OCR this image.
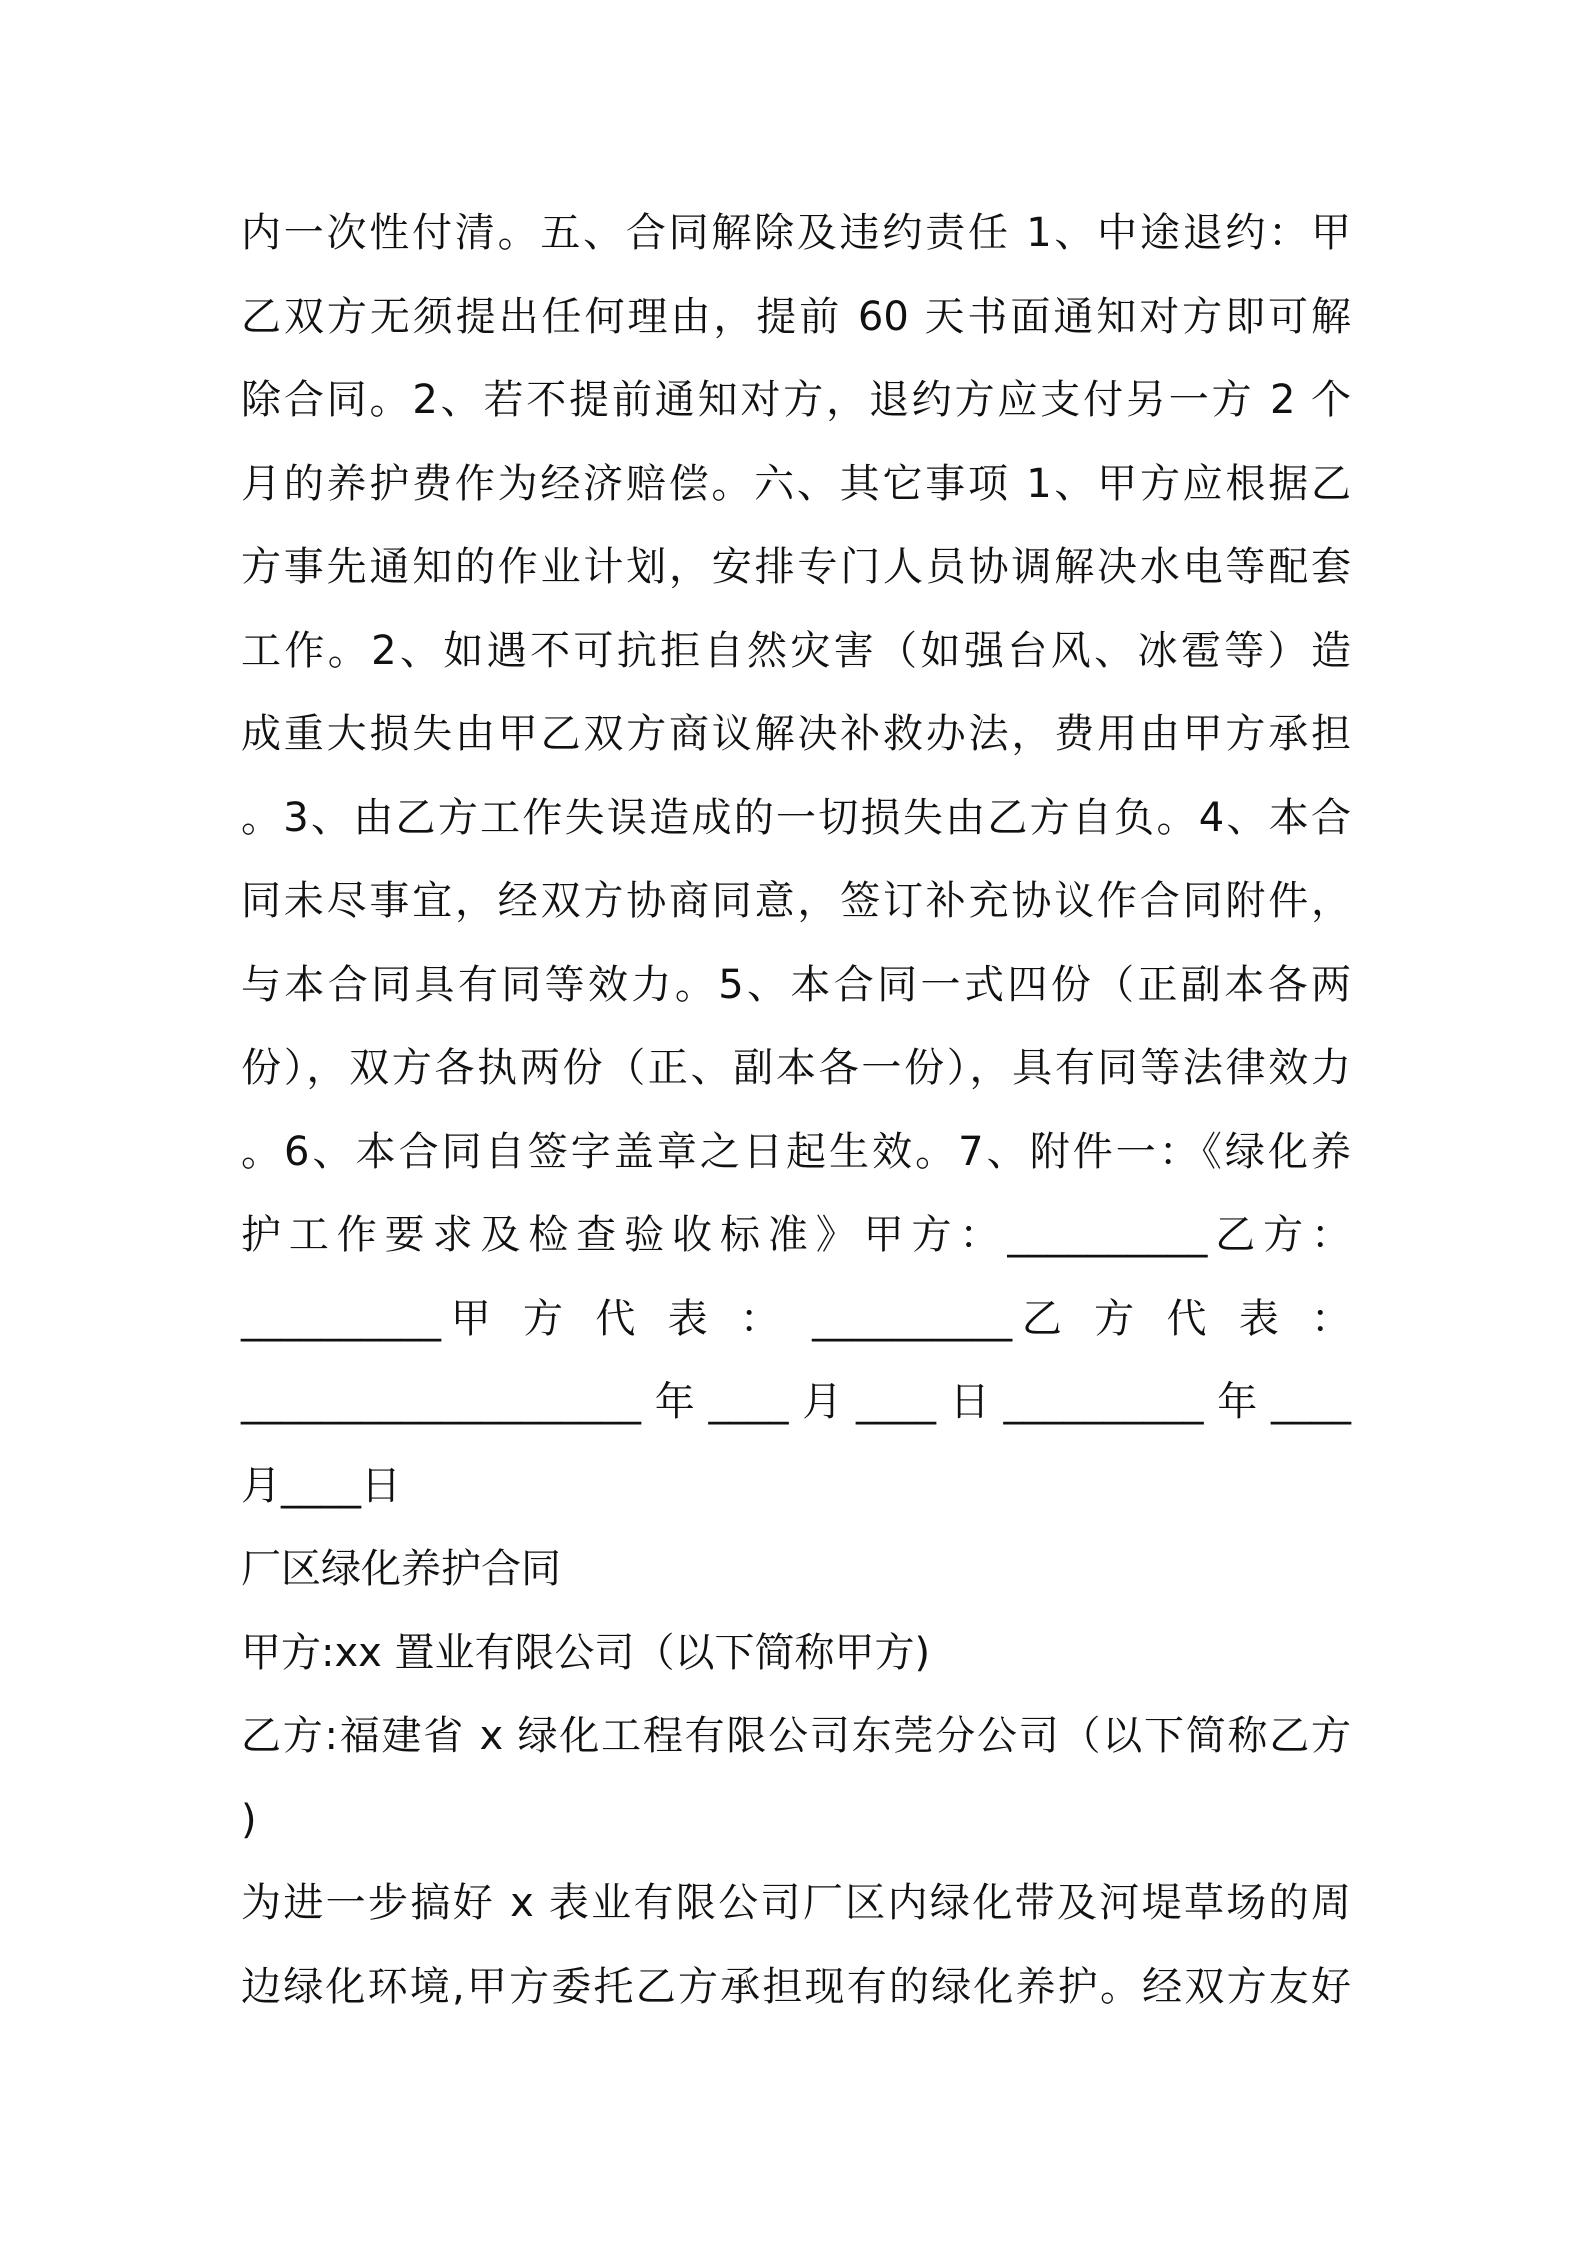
内一次性付清。五、合同解除及违约责任 1、中途退约：甲
乙双方无须提出任何理由，提前 60 天书面通知对方即可解
除合同。2、若不提前通知对方，退约方应支付另一方 2 个
月的养护费作为经济赔偿。六、其它事项 1、甲方应根据乙
方事先通知的作业计划，安排专门人员协调解决水电等配套
工作。2、如遇不可抗拒自然灾害（如强台风、冰雹等）造
成重大损失由甲乙双方商议解决补救办法，费用由甲方承担
。3、由乙方工作失误造成的一切损失由乙方自负。4、本合
同未尽事宜，经双方协商同意，签订补充协议作合同附件，
与本合同具有同等效力。5、本合同一式四份（正副本各两
份），双方各执两份（正、副本各一份），具有同等法律效力
。6、本合同自签字盖章之日起生效。7、附件一：《绿化养
护工作要求及检查验收标准》甲方：__________乙方：
__________甲 方 代 表 ： __________乙 方 代 表 ：
____________________年____月____日__________年____
月____日
厂区绿化养护合同
甲方:xx 置业有限公司（以下简称甲方)
乙方:福建省 x 绿化工程有限公司东莞分公司（以下简称乙方
)
为进一步搞好 x 表业有限公司厂区内绿化带及河堤草场的周
边绿化环境,甲方委托乙方承担现有的绿化养护。经双方友好
